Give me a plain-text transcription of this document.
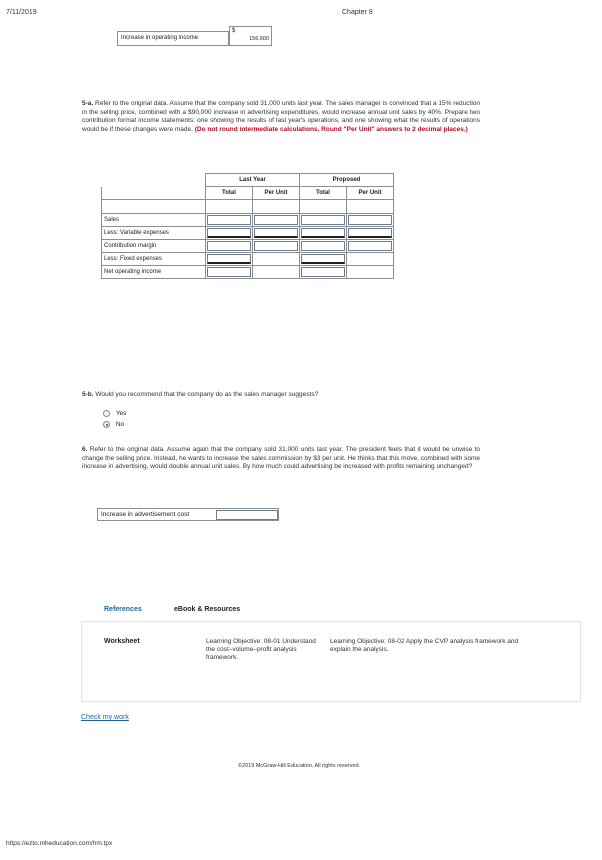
7/11/2019	Chapter 8
Increase in operating income
$
156,600
5-a. Refer to the original data. Assume that the company sold 31,000 units last year. The sales manager is convinced that a 15% reduction in the selling price, combined with a $90,000 increase in advertising expenditures, would increase annual unit sales by 40%. Prepare two contribution format income statements: one showing the results of last year's operations, and one showing what the results of operations would be if these changes were made. (Do not round intermediate calculations. Round "Per Unit" answers to 2 decimal places.)
	Last Year		Proposed	
	Total	Per Unit	Total	Per Unit

Sales	

Less: Variable expenses	

Contribution margin	

Less: Fixed expenses	

Net operating income	

5-b. Would you recommend that the company do as the sales manager suggests?
Yes
No
6. Refer to the original data. Assume again that the company sold 31,000 units last year. The president feels that it would be unwise to change the selling price. Instead, he wants to increase the sales commission by $3 per unit. He thinks that this move, combined with some increase in advertising, would double annual unit sales. By how much could advertising be increased with profits remaining unchanged?
Increase in advertisement cost
References	eBook & Resources
Worksheet	Learning Objective: 08-01 Understand the cost–volume–profit analysis framework.
Learning Objective: 08-02 Apply the CVP analysis framework and explain the analysis.
Check my work
©2019 McGraw-Hill Education. All rights reserved.
https://ezto.mheducation.com/hm.tpx
